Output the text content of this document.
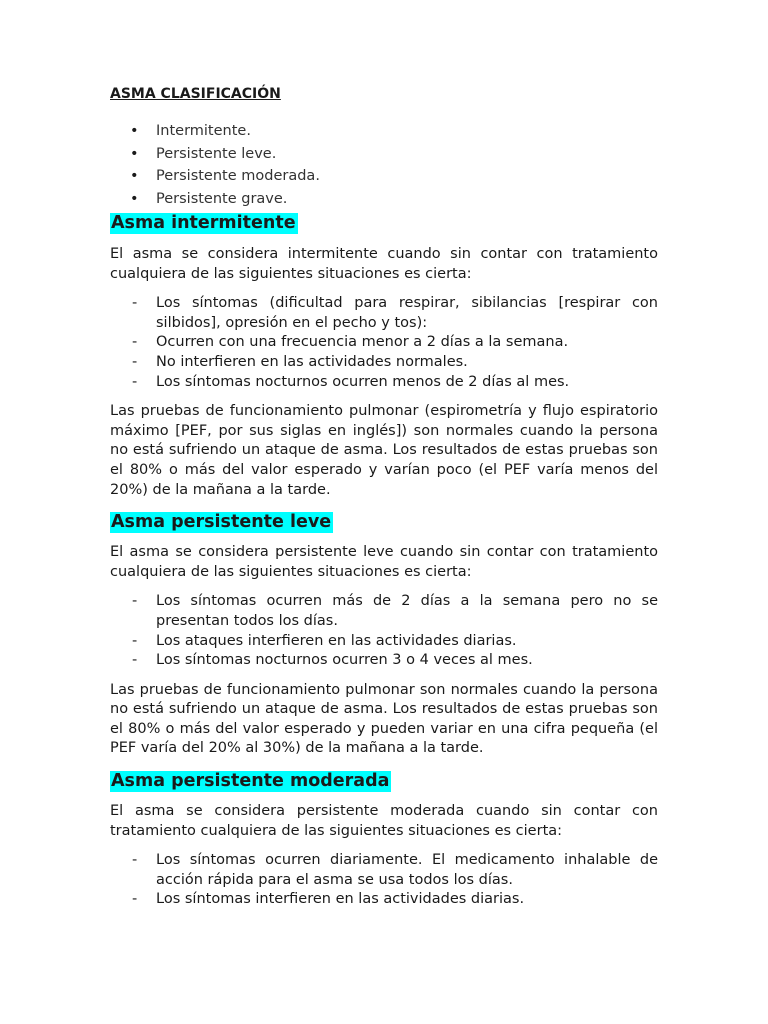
ASMA CLASIFICACIÓN
• Intermitente.
• Persistente leve.
• Persistente moderada.
• Persistente grave.
Asma intermitente

El asma se considera intermitente cuando sin contar con tratamiento cualquiera de las siguientes situaciones es cierta:

- Los síntomas (dificultad para respirar, sibilancias [respirar con silbidos], opresión en el pecho y tos):
- Ocurren con una frecuencia menor a 2 días a la semana.
- No interfieren en las actividades normales.
- Los síntomas nocturnos ocurren menos de 2 días al mes.

Las pruebas de funcionamiento pulmonar (espirometría y flujo espiratorio máximo [PEF, por sus siglas en inglés]) son normales cuando la persona no está sufriendo un ataque de asma. Los resultados de estas pruebas son el 80% o más del valor esperado y varían poco (el PEF varía menos del 20%) de la mañana a la tarde.

Asma persistente leve

El asma se considera persistente leve cuando sin contar con tratamiento cualquiera de las siguientes situaciones es cierta:

- Los síntomas ocurren más de 2 días a la semana pero no se presentan todos los días.
- Los ataques interfieren en las actividades diarias.
- Los síntomas nocturnos ocurren 3 o 4 veces al mes.

Las pruebas de funcionamiento pulmonar son normales cuando la persona no está sufriendo un ataque de asma. Los resultados de estas pruebas son el 80% o más del valor esperado y pueden variar en una cifra pequeña (el PEF varía del 20% al 30%) de la mañana a la tarde.

Asma persistente moderada

El asma se considera persistente moderada cuando sin contar con tratamiento cualquiera de las siguientes situaciones es cierta:

- Los síntomas ocurren diariamente. El medicamento inhalable de acción rápida para el asma se usa todos los días.
- Los síntomas interfieren en las actividades diarias.
